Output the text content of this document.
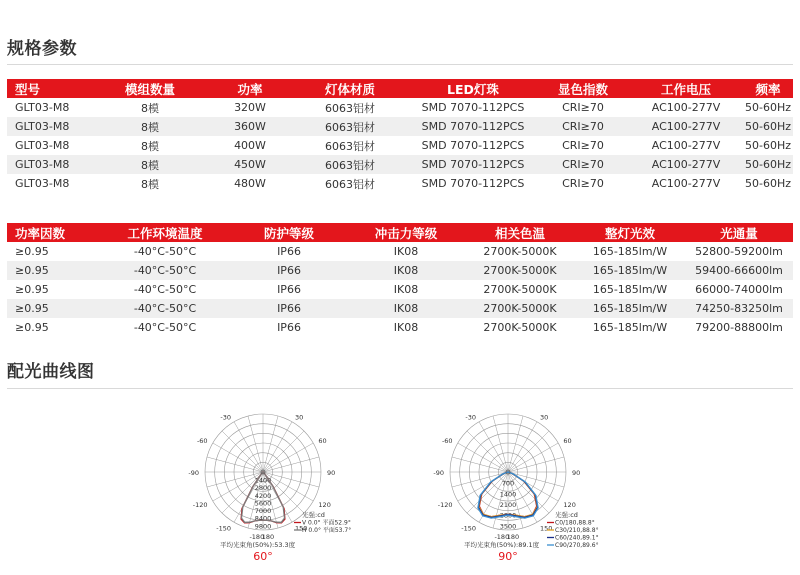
规格参数
型号	模组数量	功率	灯体材质	LED灯珠	显色指数	工作电压	频率
GLT03-M8	8模	320W	6063铝材	SMD 7070-112PCS	CRI≥70	AC100-277V	50-60Hz
GLT03-M8	8模	360W	6063铝材	SMD 7070-112PCS	CRI≥70	AC100-277V	50-60Hz
GLT03-M8	8模	400W	6063铝材	SMD 7070-112PCS	CRI≥70	AC100-277V	50-60Hz
GLT03-M8	8模	450W	6063铝材	SMD 7070-112PCS	CRI≥70	AC100-277V	50-60Hz
GLT03-M8	8模	480W	6063铝材	SMD 7070-112PCS	CRI≥70	AC100-277V	50-60Hz
功率因数	工作环境温度	防护等级	冲击力等级	相关色温	整灯光效	光通量
≥0.95	-40°C-50°C	IP66	IK08	2700K-5000K	165-185lm/W	52800-59200lm
≥0.95	-40°C-50°C	IP66	IK08	2700K-5000K	165-185lm/W	59400-66600lm
≥0.95	-40°C-50°C	IP66	IK08	2700K-5000K	165-185lm/W	66000-74000lm
≥0.95	-40°C-50°C	IP66	IK08	2700K-5000K	165-185lm/W	74250-83250lm
≥0.95	-40°C-50°C	IP66	IK08	2700K-5000K	165-185lm/W	79200-88800lm
配光曲线图
-180
180
-150	150
-120	120
-90	90
-60	60
-30	30
1400
2800
4200
5600
7000
8400
9800
光强:cd
V 0.0° 平面52.9°
H 0.0° 平面53.7°
平均光束角(50%):53.3度
60°
-180
180
-150	150
-120	120
-90	90
-60	60
-30	30
700
1400
2100
2800
3500
光强:cd
C0/180,88.8°
C30/210,88.8°
C60/240,89.1°
C90/270,89.6°
平均光束角(50%):89.1度
90°
